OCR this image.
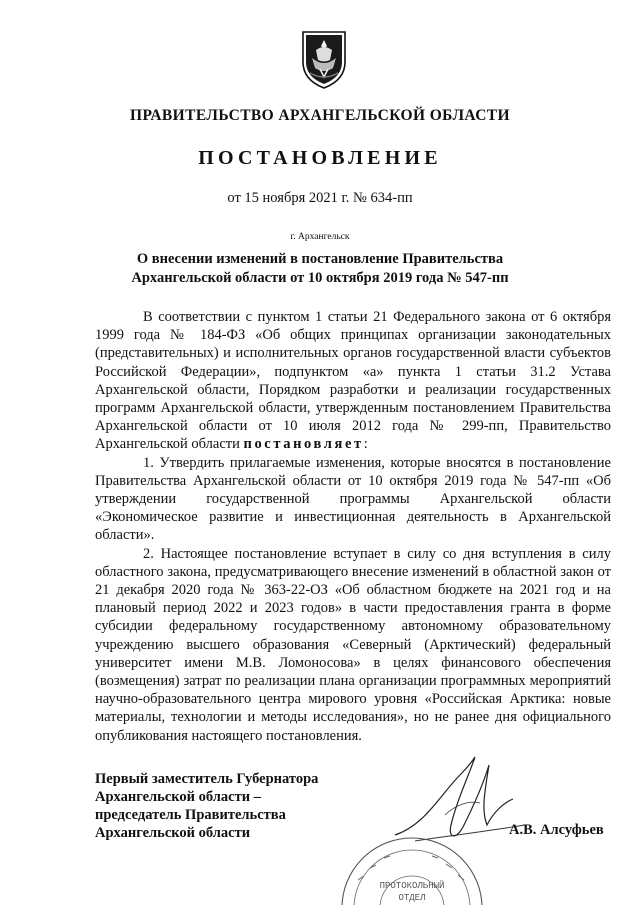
ПРАВИТЕЛЬСТВО АРХАНГЕЛЬСКОЙ ОБЛАСТИ
ПОСТАНОВЛЕНИЕ
от 15 ноября 2021 г. № 634-пп
г. Архангельск
О внесении изменений в постановление Правительства
Архангельской области от 10 октября 2019 года № 547-пп

В соответствии с пунктом 1 статьи 21 Федерального закона от 6 октября 1999 года № 184-ФЗ «Об общих принципах организации законодательных (представительных) и исполнительных органов государственной власти субъектов Российской Федерации», подпунктом «а» пункта 1 статьи 31.2 Устава Архангельской области, Порядком разработки и реализации государственных программ Архангельской области, утвержденным постановлением Правительства Архангельской области от 10 июля 2012 года № 299-пп, Правительство Архангельской области постановляет:

1. Утвердить прилагаемые изменения, которые вносятся в постановление Правительства Архангельской области от 10 октября 2019 года № 547-пп «Об утверждении государственной программы Архангельской области «Экономическое развитие и инвестиционная деятельность в Архангельской области».

2. Настоящее постановление вступает в силу со дня вступления в силу областного закона, предусматривающего внесение изменений в областной закон от 21 декабря 2020 года № 363-22-ОЗ «Об областном бюджете на 2021 год и на плановый период 2022 и 2023 годов» в части предоставления гранта в форме субсидии федеральному государственному автономному образовательному учреждению высшего образования «Северный (Арктический) федеральный университет имени М.В. Ломоносова» в целях финансового обеспечения (возмещения) затрат по реализации плана организации программных мероприятий научно-образовательного центра мирового уровня «Российская Арктика: новые материалы, технологии и методы исследования», но не ранее дня официального опубликования настоящего постановления.

Первый заместитель Губернатора
Архангельской области –
председатель Правительства
Архангельской области	А.В. Алсуфьев
ПРОТОКОЛЬНЫЙ
ОТДЕЛ
